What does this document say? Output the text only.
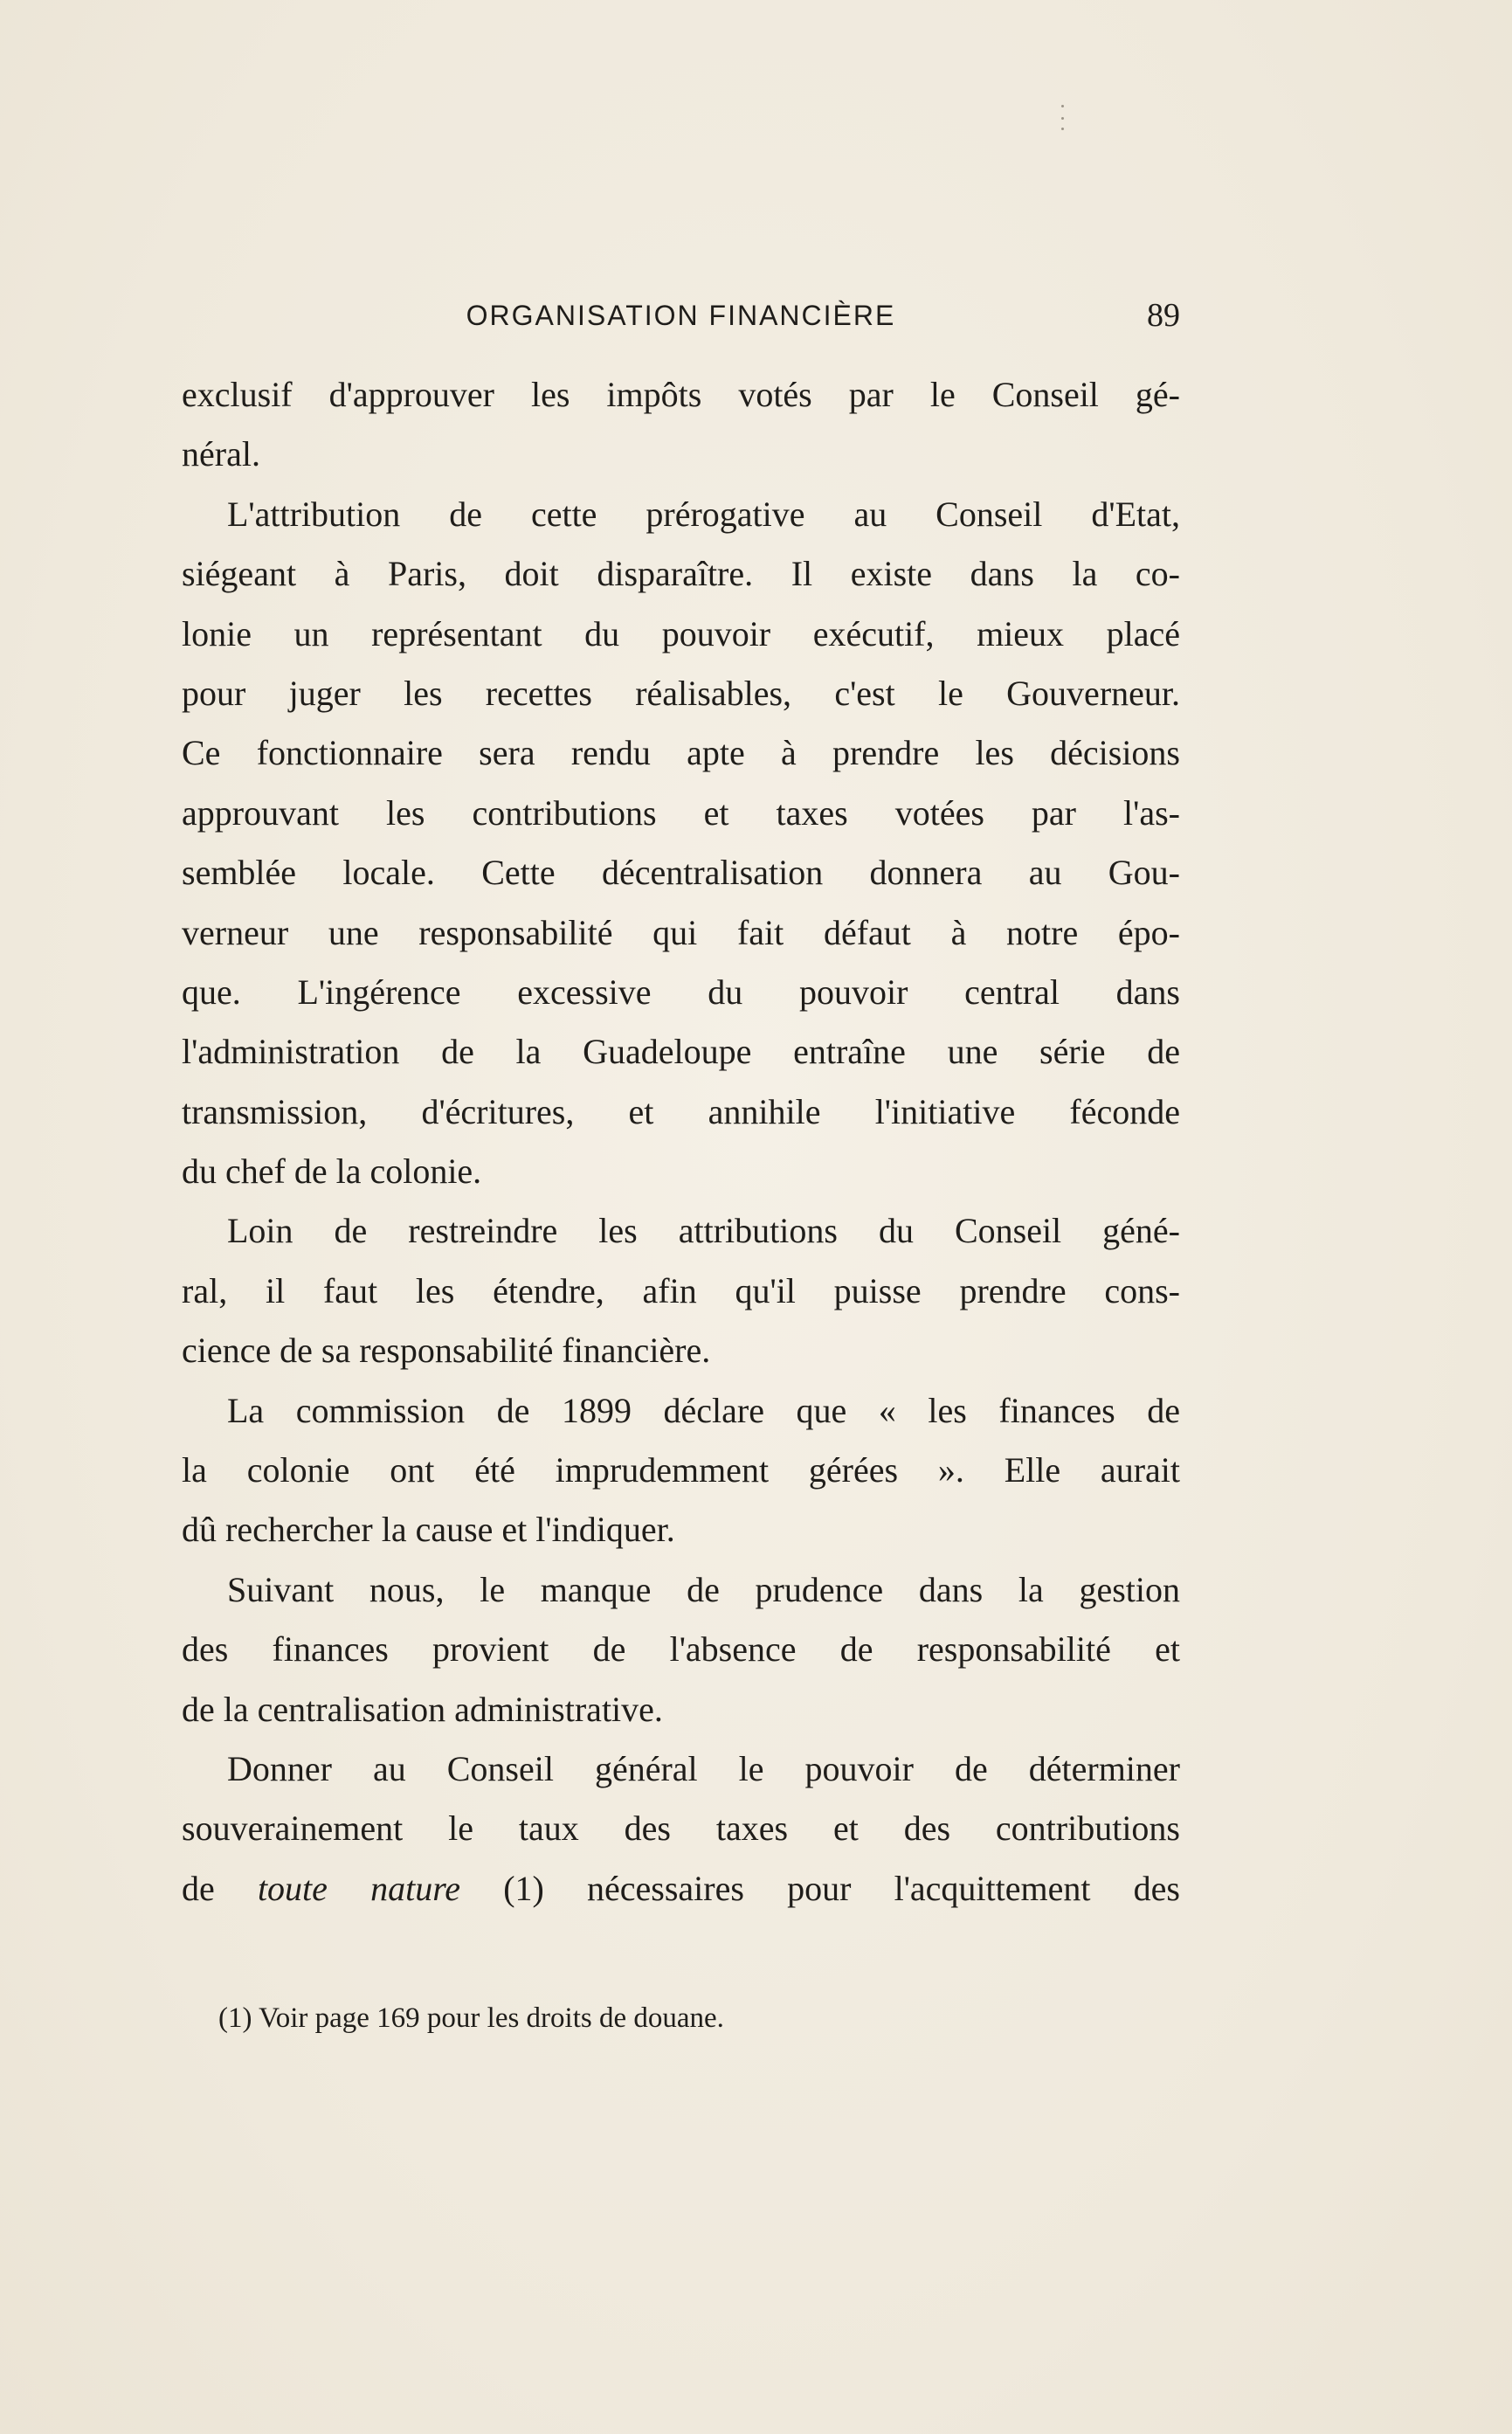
ORGANISATION FINANCIÈRE	89
exclusif d'approuver les impôts votés par le Conseil gé-
néral.
L'attribution de cette prérogative au Conseil d'Etat,
siégeant à Paris, doit disparaître. Il existe dans la co-
lonie un représentant du pouvoir exécutif, mieux placé
pour juger les recettes réalisables, c'est le Gouverneur.
Ce fonctionnaire sera rendu apte à prendre les décisions
approuvant les contributions et taxes votées par l'as-
semblée locale. Cette décentralisation donnera au Gou-
verneur une responsabilité qui fait défaut à notre épo-
que. L'ingérence excessive du pouvoir central dans
l'administration de la Guadeloupe entraîne une série de
transmission, d'écritures, et annihile l'initiative féconde
du chef de la colonie.
Loin de restreindre les attributions du Conseil géné-
ral, il faut les étendre, afin qu'il puisse prendre cons-
cience de sa responsabilité financière.
La commission de 1899 déclare que « les finances de
la colonie ont été imprudemment gérées ». Elle aurait
dû rechercher la cause et l'indiquer.
Suivant nous, le manque de prudence dans la gestion
des finances provient de l'absence de responsabilité et
de la centralisation administrative.
Donner au Conseil général le pouvoir de déterminer
souverainement le taux des taxes et des contributions
de toute nature (1) nécessaires pour l'acquittement des
(1) Voir page 169 pour les droits de douane.
